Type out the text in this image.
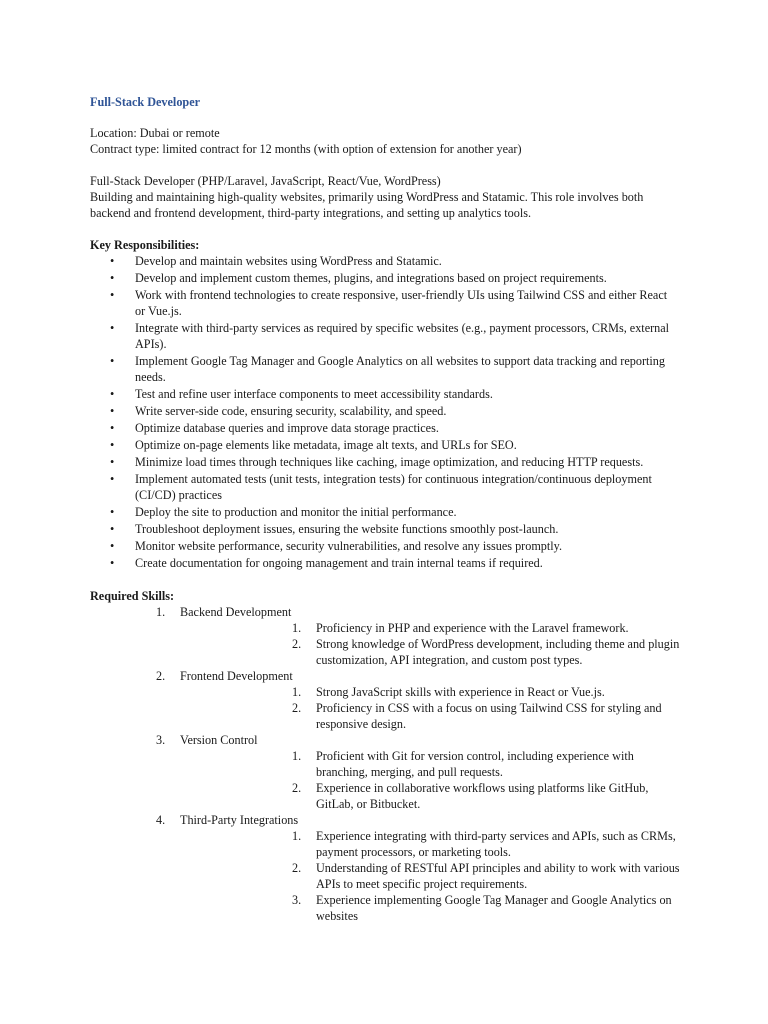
Full-Stack Developer

Location: Dubai or remote

Contract type: limited contract for 12 months (with option of extension for another year)

Full-Stack Developer (PHP/Laravel, JavaScript, React/Vue, WordPress)

Building and maintaining high-quality websites, primarily using WordPress and Statamic. This role involves both backend and frontend development, third-party integrations, and setting up analytics tools.

Key Responsibilities:

• Develop and maintain websites using WordPress and Statamic.
• Develop and implement custom themes, plugins, and integrations based on project requirements.
• Work with frontend technologies to create responsive, user-friendly UIs using Tailwind CSS and either React or Vue.js.
• Integrate with third-party services as required by specific websites (e.g., payment processors, CRMs, external APIs).
• Implement Google Tag Manager and Google Analytics on all websites to support data tracking and reporting needs.
• Test and refine user interface components to meet accessibility standards.
• Write server-side code, ensuring security, scalability, and speed.
• Optimize database queries and improve data storage practices.
• Optimize on-page elements like metadata, image alt texts, and URLs for SEO.
• Minimize load times through techniques like caching, image optimization, and reducing HTTP requests.
• Implement automated tests (unit tests, integration tests) for continuous integration/continuous deployment (CI/CD) practices
• Deploy the site to production and monitor the initial performance.
• Troubleshoot deployment issues, ensuring the website functions smoothly post-launch.
• Monitor website performance, security vulnerabilities, and resolve any issues promptly.
• Create documentation for ongoing management and train internal teams if required.

Required Skills:

1. Backend Development
1. Proficiency in PHP and experience with the Laravel framework.
2. Strong knowledge of WordPress development, including theme and plugin customization, API integration, and custom post types.
2. Frontend Development
1. Strong JavaScript skills with experience in React or Vue.js.
2. Proficiency in CSS with a focus on using Tailwind CSS for styling and responsive design.
3. Version Control
1. Proficient with Git for version control, including experience with branching, merging, and pull requests.
2. Experience in collaborative workflows using platforms like GitHub, GitLab, or Bitbucket.
4. Third-Party Integrations
1. Experience integrating with third-party services and APIs, such as CRMs, payment processors, or marketing tools.
2. Understanding of RESTful API principles and ability to work with various APIs to meet specific project requirements.
3. Experience implementing Google Tag Manager and Google Analytics on websites
